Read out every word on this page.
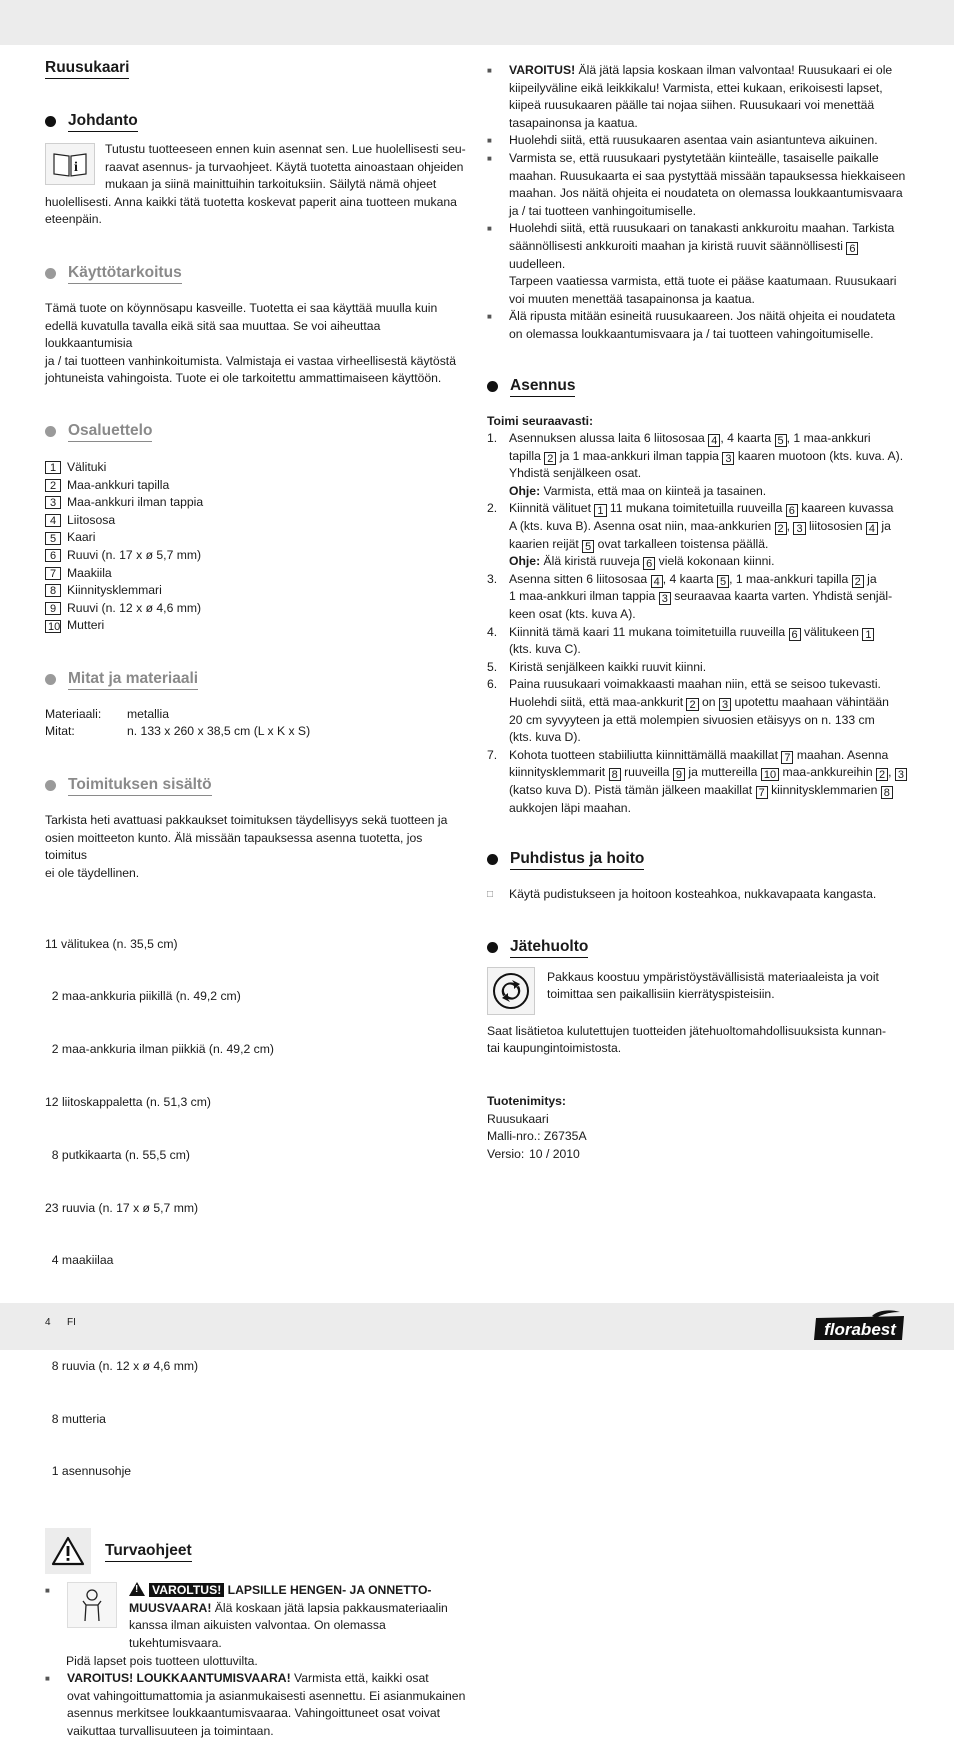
Ruusukaari
Johdanto
i

Tutustu tuotteeseen ennen kuin asennat sen. Lue huolellisesti seu-

raavat asennus- ja turvaohjeet. Käytä tuotetta ainoastaan ohjeiden

mukaan ja siinä mainittuihin tarkoituksiin. Säilytä nämä ohjeet

huolellisesti. Anna kaikki tätä tuotetta koskevat paperit aina tuotteen mukana

eteenpäin.

Käyttötarkoitus

Tämä tuote on köynnösapu kasveille. Tuotetta ei saa käyttää muulla kuin

edellä kuvatulla tavalla eikä sitä saa muuttaa. Se voi aiheuttaa loukkaantumisia

ja / tai tuotteen vanhinkoitumista. Valmistaja ei vastaa virheellisestä käytöstä

johtuneista vahingoista. Tuote ei ole tarkoitettu ammattimaiseen käyttöön.

Osaluettelo
1 Välituki
2 Maa-ankkuri tapilla
3 Maa-ankkuri ilman tappia
4 Liitososa
5 Kaari
6 Ruuvi (n. 17 x ø 5,7 mm)
7 Maakiila
8 Kiinnitysklemmari
9 Ruuvi (n. 12 x ø 4,6 mm)
10 Mutteri
Mitat ja materiaali
Materiaali:	metallia
Mitat:	n. 133 x 260 x 38,5 cm (L x K x S)
Toimituksen sisältö

Tarkista heti avattuasi pakkaukset toimituksen täydellisyys sekä tuotteen ja

osien moitteeton kunto. Älä missään tapauksessa asenna tuotetta, jos toimitus

ei ole täydellinen.

11 välitukea (n. 35,5 cm)

2 maa-ankkuria piikillä (n. 49,2 cm)

2 maa-ankkuria ilman piikkiä (n. 49,2 cm)

12 liitoskappaletta (n. 51,3 cm)

8 putkikaarta (n. 55,5 cm)

23 ruuvia (n. 17 x ø 5,7 mm)

4 maakiilaa

8 ruuvia (n. 12 x ø 4,6 mm)

8 mutteria

1 asennusohje

Turvaohjeet
■

!	VAROLTUS! LAPSILLE HENGEN- JA ONNETTO-

MUUSVAARA! Älä koskaan jätä lapsia pakkausmateriaalin

kanssa ilman aikuisten valvontaa. On olemassa tukehtumisvaara.

Pidä lapset pois tuotteen ulottuvilta.

■	VAROITUS! LOUKKAANTUMISVAARA! Varmista että, kaikki osat

ovat vahingoittumattomia ja asianmukaisesti asennettu. Ei asianmukainen

asennus merkitsee loukkaantumisvaaraa. Vahingoittuneet osat voivat

vaikuttaa turvallisuuteen ja toimintaan.

■	VAROITUS! Älä jätä lapsia koskaan ilman valvontaa! Ruusukaari ei ole

kiipeilyväline eikä leikkikalu! Varmista, ettei kukaan, erikoisesti lapset,

kiipeä ruusukaaren päälle tai nojaa siihen. Ruusukaari voi menettää

tasapainonsa ja kaatua.

■	Huolehdi siitä, että ruusukaaren asentaa vain asiantunteva aikuinen.

■	Varmista se, että ruusukaari pystytetään kiinteälle, tasaiselle paikalle

maahan. Ruusukaarta ei saa pystyttää missään tapauksessa hiekkaiseen

maahan. Jos näitä ohjeita ei noudateta on olemassa loukkaantumisvaara

ja / tai tuotteen vanhingoitumiselle.

■	Huolehdi siitä, että ruusukaari on tanakasti ankkuroitu maahan. Tarkista

säännöllisesti ankkuroiti maahan ja kiristä ruuvit säännöllisesti 6 uudelleen.

Tarpeen vaatiessa varmista, että tuote ei pääse kaatumaan. Ruusukaari

voi muuten menettää tasapainonsa ja kaatua.

■	Älä ripusta mitään esineitä ruusukaareen. Jos näitä ohjeita ei noudateta

on olemassa loukkaantumisvaara ja / tai tuotteen vahingoitumiselle.

Asennus

Toimi seuraavasti:

1. Asennuksen alussa laita 6 liitososaa 4 , 4 kaarta 5 , 1 maa-ankkuri

tapilla 2 ja 1 maa-ankkuri ilman tappia 3 kaaren muotoon (kts. kuva. A).

Yhdistä senjälkeen osat.

Ohje: Varmista, että maa on kiinteä ja tasainen.

2. Kiinnitä välituet 1 11 mukana toimitetuilla ruuveilla 6 kaareen kuvassa

A (kts. kuva B). Asenna osat niin, maa-ankkurien 2 , 3 liitososien 4 ja

kaarien reijät 5 ovat tarkalleen toistensa päällä.

Ohje: Älä kiristä ruuveja 6 vielä kokonaan kiinni.

3. Asenna sitten 6 liitososaa 4 , 4 kaarta 5 , 1 maa-ankkuri tapilla 2 ja

1 maa-ankkuri ilman tappia 3 seuraavaa kaarta varten. Yhdistä senjäl-

keen osat (kts. kuva A).

4. Kiinnitä tämä kaari 11 mukana toimitetuilla ruuveilla 6 välitukeen 1

(kts. kuva C).

5. Kiristä senjälkeen kaikki ruuvit kiinni.

6. Paina ruusukaari voimakkaasti maahan niin, että se seisoo tukevasti.

Huolehdi siitä, että maa-ankkurit 2 on 3 upotettu maahaan vähintään

20 cm syvyyteen ja että molempien sivuosien etäisyys on n. 133 cm

(kts. kuva D).

7. Kohota tuotteen stabiiliutta kiinnittämällä maakillat 7 maahan. Asenna

kiinnitysklemmarit 8 ruuveilla 9 ja muttereilla 10 maa-ankkureihin 2 , 3

(katso kuva D). Pistä tämän jälkeen maakillat 7 kiinnitysklemmarien 8

aukkojen läpi maahan.

Puhdistus ja hoito
□	Käytä pudistukseen ja hoitoon kosteahkoa, nukkavapaata kangasta.

Jätehuolto

Pakkaus koostuu ympäristöystävällisistä materiaaleista ja voit

toimittaa sen paikallisiin kierrätyspisteisiin.

Saat lisätietoa kulutettujen tuotteiden jätehuoltomahdollisuuksista kunnan-

tai kaupungintoimistosta.

Tuotenimitys:

Ruusukaari

Malli-nro.: Z6735A

Versio: 10 / 2010

4 FI	florabest
